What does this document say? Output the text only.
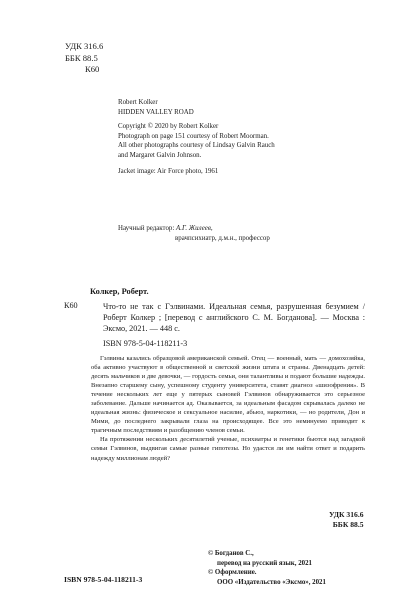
УДК 316.6
ББК 88.5
К60
Robert Kolker
HIDDEN VALLEY ROAD
Copyright © 2020 by Robert Kolker
Photograph on page 151 courtesy of Robert Moorman.
All other photographs courtesy of Lindsay Galvin Rauch
and Margaret Galvin Johnson.
Jacket image: Air Force photo, 1961
Научный редактор: А.Г. Жилеев,
врачпсихиатр, д.м.н., профессор
Колкер, Роберт.
К60	Что-то не так с Гэлвинами. Идеальная семья, разрушенная безумием / Роберт Колкер ; [перевод с английского С. М. Богданова]. — Москва : Эксмо, 2021. — 448 с.
ISBN 978-5-04-118211-3

Гэлвины казались образцовой американской семьей. Отец — военный, мать — домохозяйка, оба активно участвуют в общественной и светской жизни штата и страны. Двенадцать детей: десять мальчиков и две девочки, — гордость семьи, они талантливы и подают большие надежды. Внезапно старшему сыну, успешному студенту университета, ставят диагноз «шизофрения». В течение нескольких лет еще у пятерых сыновей Гэлвинов обнаруживается это серьезное заболевание. Дальше начинается ад. Оказывается, за идеальным фасадом скрывалась далеко не идеальная жизнь: физическое и сексуальное насилие, абьюз, наркотики, — но родители, Дон и Мими, до последнего закрывали глаза на происходящее. Все это неминуемо приводит к трагичным последствиям и разобщению членов семьи.

На протяжении нескольких десятилетий ученые, психиатры и генетики бьются над загадкой семьи Гэлвинов, выдвигая самые разные гипотезы. Но удастся ли им найти ответ и подарить надежду миллионам людей?

УДК 316.6
ББК 88.5
ISBN 978-5-04-118211-3
© Богданов С.,
перевод на русский язык, 2021
© Оформление.
ООО «Издательство «Эксмо», 2021
